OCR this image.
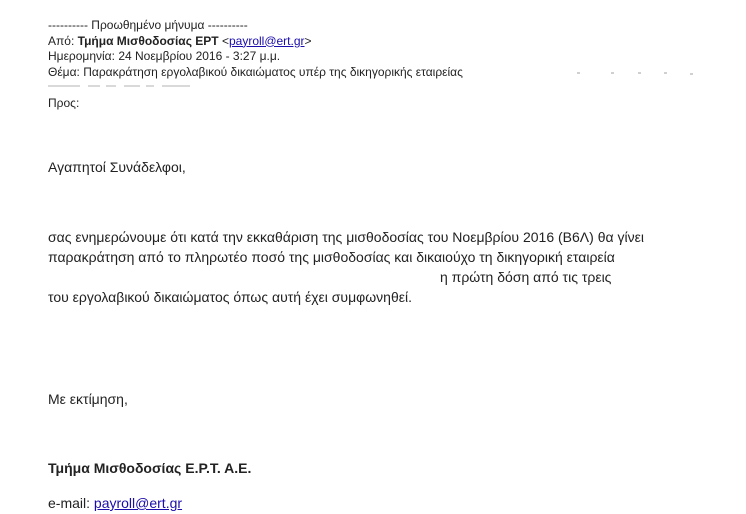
---------- Προωθημένο μήνυμα ----------
Από: Τμήμα Μισθοδοσίας ΕΡΤ <payroll@ert.gr>
Ημερομηνία: 24 Νοεμβρίου 2016 - 3:27 μ.μ.
Θέμα: Παρακράτηση εργολαβικού δικαιώματος υπέρ της δικηγορικής εταιρείας
Προς:
Αγαπητοί Συνάδελφοι,
σας ενημερώνουμε ότι κατά την εκκαθάριση της μισθοδοσίας του Νοεμβρίου 2016 (Β6Λ) θα γίνει
παρακράτηση από το πληρωτέο ποσό της μισθοδοσίας και δικαιούχο τη δικηγορική εταιρεία
η πρώτη δόση από τις τρεις
του εργολαβικού δικαιώματος όπως αυτή έχει συμφωνηθεί.
Με εκτίμηση,
Τμήμα Μισθοδοσίας Ε.Ρ.Τ. Α.Ε.
e-mail: payroll@ert.gr
